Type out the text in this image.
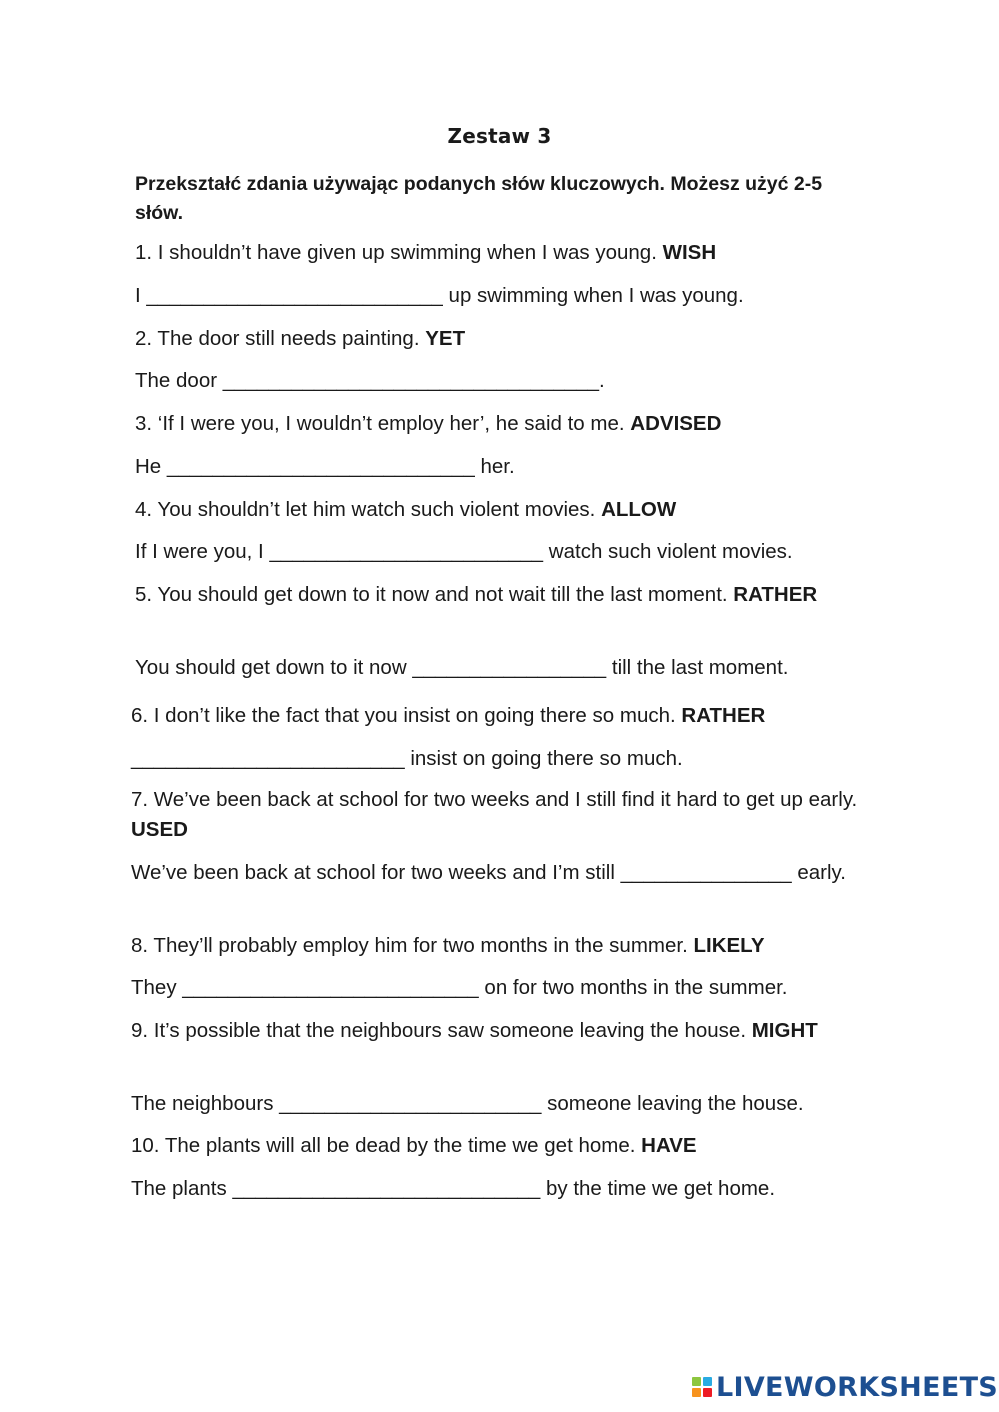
Zestaw 3
Przekształć zdania używając podanych słów kluczowych. Możesz użyć 2-5 słów.
1. I shouldn’t have given up swimming when I was young. WISH
I __________________________ up swimming when I was young.
2. The door still needs painting. YET
The door _________________________________.
3. ‘If I were you, I wouldn’t employ her’, he said to me. ADVISED
He ___________________________ her.
4. You shouldn’t let him watch such violent movies. ALLOW
If I were you, I ________________________ watch such violent movies.
5. You should get down to it now and not wait till the last moment. RATHER
You should get down to it now _________________ till the last moment.
6. I don’t like the fact that you insist on going there so much. RATHER
________________________ insist on going there so much.
7. We’ve been back at school for two weeks and I still find it hard to get up early. USED
We’ve been back at school for two weeks and I’m still _______________ early.
8. They’ll probably employ him for two months in the summer. LIKELY
They __________________________ on for two months in the summer.
9. It’s possible that the neighbours saw someone leaving the house. MIGHT
The neighbours _______________________ someone leaving the house.
10. The plants will all be dead by the time we get home. HAVE
The plants ___________________________ by the time we get home.
LIVEWORKSHEETS
